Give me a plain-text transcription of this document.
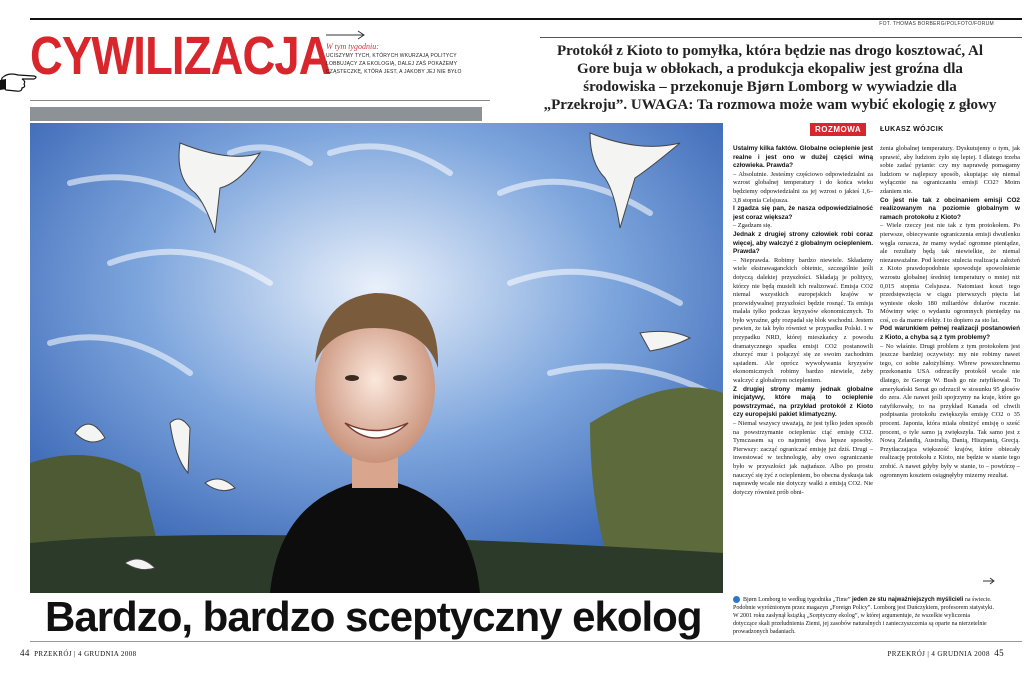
FOT. THOMAS BORBERG/POLFOTO/FORUM
CYWILIZACJA
W tym tygodniu:
UCISZYMY TYCH, KTÓRYCH WKURZAJĄ POLITYCY LOBBUJĄCY ZA EKOLOGIĄ, DALEJ ZAŚ POKAŻEMY CZĄSTECZKĘ, KTÓRA JEST, A JAKOBY JEJ NIE BYŁO
Protokół z Kioto to pomyłka, która będzie nas drogo kosztować, Al Gore buja w obłokach, a produkcja ekopaliw jest groźna dla środowiska – przekonuje Bjørn Lomborg w wywiadzie dla „Przekroju”. UWAGA: Ta rozmowa może wam wybić ekologię z głowy
ROZMOWA	ŁUKASZ WÓJCIK

Ustalmy kilka faktów. Globalne ocieplenie jest realne i jest ono w dużej części winą człowieka. Prawda?

– Absolutnie. Jesteśmy częściowo odpowiedzialni za wzrost globalnej temperatury i do końca wieku będziemy odpowiedzialni za jej wzrost o jakieś 1,6–3,8 stopnia Celsjusza.

I zgadza się pan, że nasza odpowiedzialność jest coraz większa?

– Zgadzam się.

Jednak z drugiej strony człowiek robi coraz więcej, aby walczyć z globalnym ociepleniem. Prawda?

– Nieprawda. Robimy bardzo niewiele. Składamy wiele ekstrawaganckich obietnic, szczególnie jeśli dotyczą dalekiej przyszłości. Składają je politycy, którzy nie będą musieli ich realizować. Emisja CO2 niemal wszystkich europejskich krajów w przewidywalnej przyszłości będzie rosnąć. Ta emisja malała tylko podczas kryzysów ekonomicznych. To było wyraźne, gdy rozpadał się blok wschodni. Jestem pewien, że tak było również w przypadku Polski. I w przypadku NRD, której mieszkańcy z powodu dramatycznego spadku emisji CO2 postanowili zburzyć mur i połączyć się ze swoim zachodnim sąsiadem. Ale oprócz wywoływania kryzysów ekonomicznych robimy bardzo niewiele, żeby walczyć z globalnym ociepleniem.

Z drugiej strony mamy jednak globalne inicjatywy, które mają to ocieplenie powstrzymać, na przykład protokół z Kioto czy europejski pakiet klimatyczny.

– Niemal wszyscy uważają, że jest tylko jeden sposób na powstrzymanie ocieplenia: ciąć emisję CO2. Tymczasem są co najmniej dwa lepsze sposoby. Pierwszy: zacząć ograniczać emisję już dziś. Drugi – inwestować w technologię, aby owo ograniczanie było w przyszłości jak najtańsze. Albo po prostu nauczyć się żyć z ociepleniem, bo obecna dyskusja tak naprawdę wcale nie dotyczy walki z emisją CO2. Nie dotyczy również prób obni-

żenia globalnej temperatury. Dyskutujemy o tym, jak sprawić, aby ludziom żyło się lepiej. I dlatego trzeba sobie zadać pytanie: czy my naprawdę pomagamy ludziom w najlepszy sposób, skupiając się niemal wyłącznie na ograniczaniu emisji CO2? Moim zdaniem nie.

Co jest nie tak z obcinaniem emisji CO2 realizowanym na poziomie globalnym w ramach protokołu z Kioto?

– Wiele rzeczy jest nie tak z tym protokołem. Po pierwsze, obiecywanie ograniczenia emisji dwutlenku węgla oznacza, że mamy wydać ogromne pieniądze, ale rezultaty będą tak niewielkie, że niemal niezauważalne. Pod koniec stulecia realizacja założeń z Kioto prawdopodobnie spowoduje spowolnienie wzrostu globalnej średniej temperatury o mniej niż 0,015 stopnia Celsjusza. Natomiast koszt tego przedsięwzięcia w ciągu pierwszych pięciu lat wyniesie około 180 miliardów dolarów rocznie. Mówimy więc o wydaniu ogromnych pieniędzy na coś, co da marne efekty. I to dopiero za sto lat.

Pod warunkiem pełnej realizacji postanowień z Kioto, a chyba są z tym problemy?

– No właśnie. Drugi problem z tym protokołem jest jeszcze bardziej oczywisty: my nie robimy nawet tego, co sobie założyliśmy. Wbrew powszechnemu przekonaniu USA odrzuciły protokół wcale nie dlatego, że George W. Bush go nie ratyfikował. To amerykański Senat go odrzucił w stosunku 95 głosów do zera. Ale nawet jeśli spojrzymy na kraje, które go ratyfikowały, to na przykład Kanada od chwili podpisania protokołu zwiększyła emisję CO2 o 35 procent. Japonia, która miała obniżyć emisję o sześć procent, o tyle samo ją zwiększyła. Tak samo jest z Nową Zelandią, Australią, Danią, Hiszpanią, Grecją. Przytłaczająca większość krajów, które obiecały realizację protokołu z Kioto, nie będzie w stanie tego zrobić. A nawet gdyby były w stanie, to – powtórzę – ogromnym kosztem osiągnęłyby mizerny rezultat.

Bardzo, bardzo sceptyczny ekolog	Bjørn Lomborg to według tygodnika „Time” jeden ze stu najważniejszych myślicieli na świecie. Podobnie wyróżnionym przez magazyn „Foreign Policy”. Lomborg jest Duńczykiem, profesorem statystyki. W 2001 roku zasłynął książką „Sceptyczny ekolog”, w której argumentuje, że wszelkie wyliczenia dotyczące skali przeludnienia Ziemi, jej zasobów naturalnych i zanieczyszczenia są oparte na nierzetelnie prowadzonych badaniach.
44 PRZEKRÓJ | 4 GRUDNIA 2008	PRZEKRÓJ | 4 GRUDNIA 2008 45
